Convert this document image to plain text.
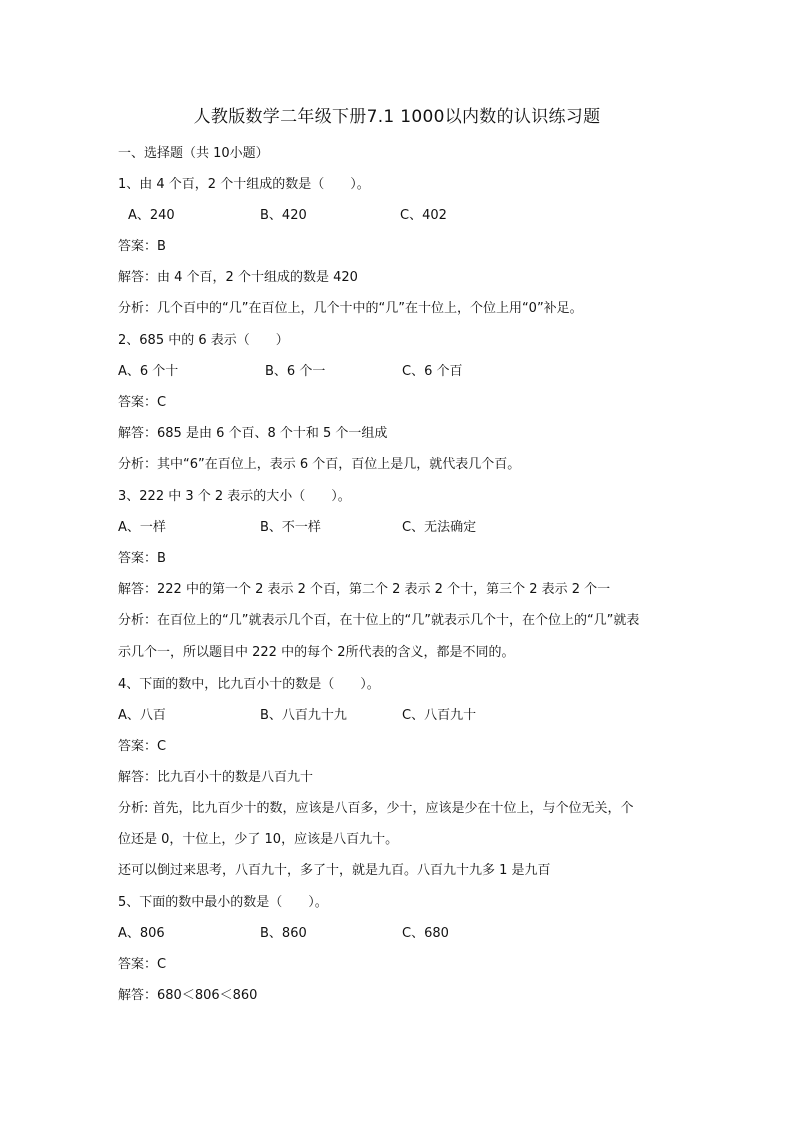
人教版数学二年级下册7.1 1000以内数的认识练习题
一、选择题（共 10小题）
1、由 4 个百，2 个十组成的数是（　　）。
A、240	B、420	C、402
答案：B
解答：由 4 个百，2 个十组成的数是 420
分析：几个百中的“几”在百位上，几个十中的“几”在十位上，个位上用“0”补足。
2、685 中的 6 表示（　　）
A、6 个十	B、6 个一	C、6 个百
答案：C
解答：685 是由 6 个百、8 个十和 5 个一组成
分析：其中“6”在百位上，表示 6 个百，百位上是几，就代表几个百。
3、222 中 3 个 2 表示的大小（　　）。
A、一样	B、不一样	C、无法确定
答案：B
解答：222 中的第一个 2 表示 2 个百，第二个 2 表示 2 个十，第三个 2 表示 2 个一
分析：在百位上的“几”就表示几个百，在十位上的“几”就表示几个十，在个位上的“几”就表
示几个一，所以题目中 222 中的每个 2所代表的含义，都是不同的。
4、下面的数中，比九百小十的数是（　　）。
A、八百	B、八百九十九	C、八百九十
答案：C
解答：比九百小十的数是八百九十
分析: 首先，比九百少十的数，应该是八百多，少十，应该是少在十位上，与个位无关，个
位还是 0，十位上，少了 10，应该是八百九十。
还可以倒过来思考，八百九十，多了十，就是九百。八百九十九多 1 是九百
5、下面的数中最小的数是（　　）。
A、806	B、860	C、680
答案：C
解答：680＜806＜860
